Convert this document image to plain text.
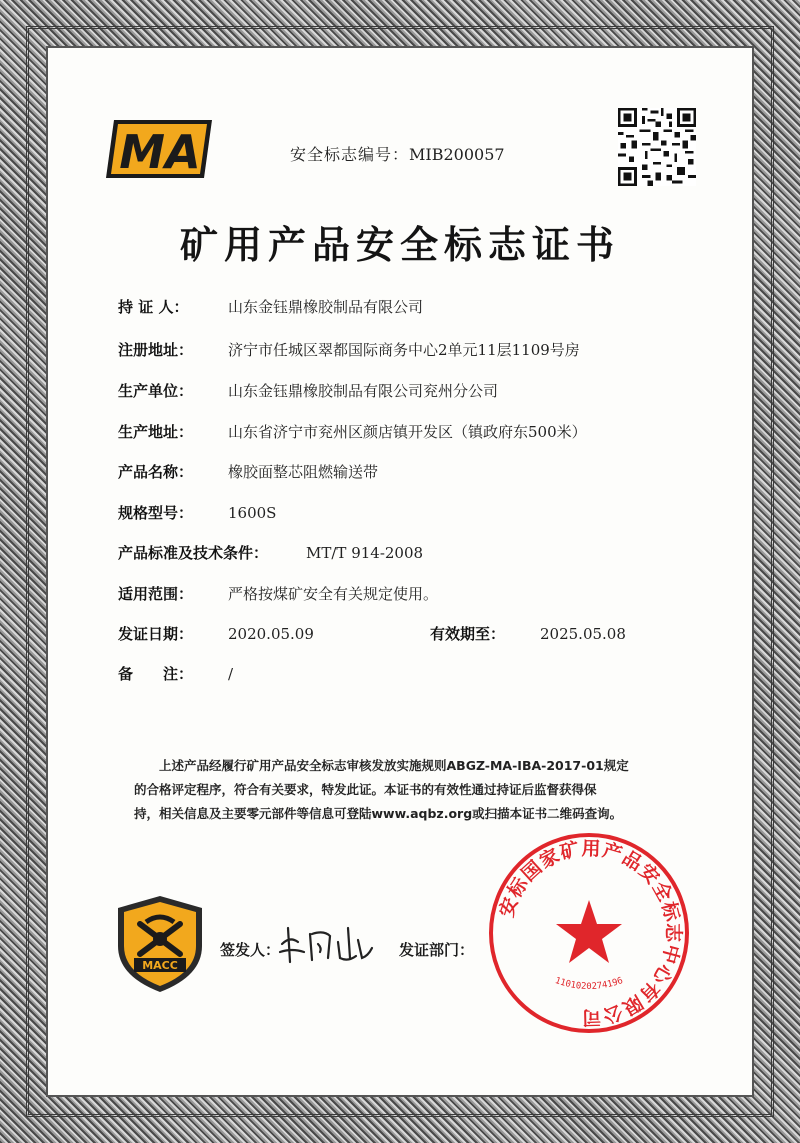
MA	安全标志编号：MIB200057
矿用产品安全标志证书
持 证 人：	山东金钰鼎橡胶制品有限公司
注册地址： 济宁市任城区翠都国际商务中心2单元11层1109号房
生产单位： 山东金钰鼎橡胶制品有限公司兖州分公司
生产地址： 山东省济宁市兖州区颜店镇开发区（镇政府东500米）
产品名称： 橡胶面整芯阻燃输送带
规格型号： 1600S
产品标准及技术条件：	MT/T 914-2008
适用范围： 严格按煤矿安全有关规定使用。
发证日期： 2020.05.09	有效期至： 2025.05.08
备　　注： /

上述产品经履行矿用产品安全标志审核发放实施规则ABGZ-MA-IBA-2017-01规定

的合格评定程序，符合有关要求，特发此证。本证书的有效性通过持证后监督获得保

持，相关信息及主要零元部件等信息可登陆www.aqbz.org或扫描本证书二维码查询。

MACC
签发人：	发证部门：
安标国家矿用产品安全标志中心有限公司
1101020274196
